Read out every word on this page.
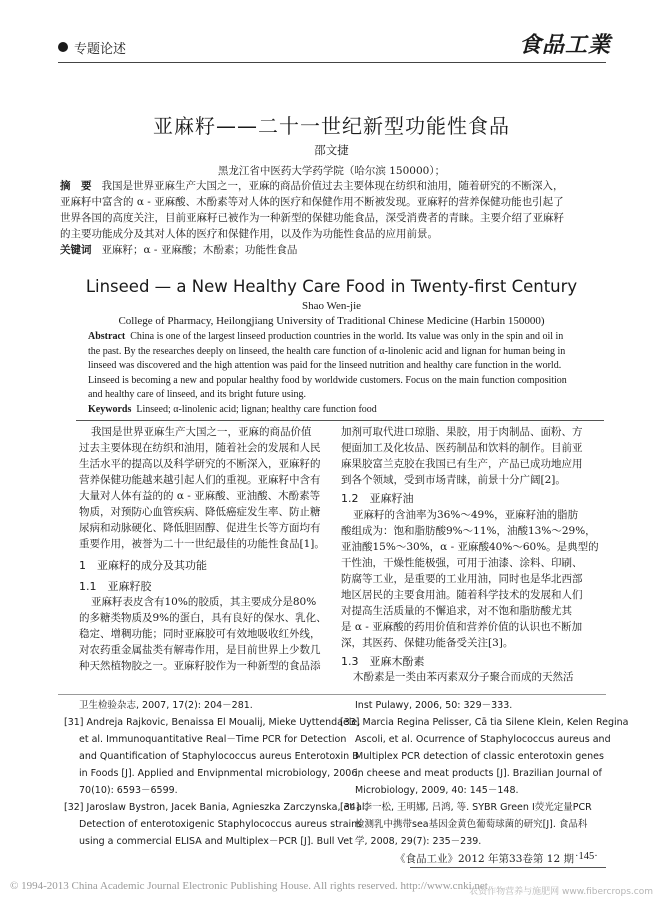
专题论述	食品工業
亚麻籽——二十一世纪新型功能性食品
邵文捷
黑龙江省中医药大学药学院（哈尔滨 150000）；
摘　要 我国是世界亚麻生产大国之一，亚麻的商品价值过去主要体现在纺织和油用，随着研究的不断深入，
亚麻籽中富含的 α - 亚麻酸、木酚素等对人体的医疗和保健作用不断被发现。亚麻籽的营养保健功能也引起了
世界各国的高度关注，目前亚麻籽已被作为一种新型的保健功能食品，深受消费者的青睐。主要介绍了亚麻籽
的主要功能成分及其对人体的医疗和保健作用，以及作为功能性食品的应用前景。
关键词 亚麻籽；α - 亚麻酸；木酚素；功能性食品
Linseed — a New Healthy Care Food in Twenty-first Century
Shao Wen-jie
College of Pharmacy, Heilongjiang University of Traditional Chinese Medicine (Harbin 150000)
Abstract China is one of the largest linseed production countries in the world. Its value was only in the spin and oil in
the past. By the researches deeply on linseed, the health care function of α-linolenic acid and lignan for human being in
linseed was discovered and the high attention was paid for the linseed nutrition and healthy care function in the world.
Linseed is becoming a new and popular healthy food by worldwide customers. Focus on the main function composition
and healthy care of linseed, and its bright future using.
Keywords Linseed; α-linolenic acid; lignan; healthy care function food
我国是世界亚麻生产大国之一，亚麻的商品价值
过去主要体现在纺织和油用，随着社会的发展和人民
生活水平的提高以及科学研究的不断深入，亚麻籽的
营养保健功能越来越引起人们的重视。亚麻籽中含有
大量对人体有益的的 α - 亚麻酸、亚油酸、木酚素等
物质，对预防心血管疾病、降低癌症发生率、防止糖
尿病和动脉硬化、降低胆固醇、促进生长等方面均有
重要作用，被誉为二十一世纪最佳的功能性食品[1]。
1　亚麻籽的成分及其功能
1.1　亚麻籽胶
亚麻籽表皮含有10%的胶质，其主要成分是80%
的多糖类物质及9%的蛋白，具有良好的保水、乳化、
稳定、增稠功能；同时亚麻胶可有效地吸收红外线，
对农药重金属盐类有解毒作用，是目前世界上少数几
种天然植物胶之一。亚麻籽胶作为一种新型的食品添
加剂可取代进口琼脂、果胶，用于肉制品、面粉、方
便面加工及化妆品、医药制品和饮料的制作。目前亚
麻果胶富兰克胶在我国已有生产，产品已成功地应用
到各个领域，受到市场青睐，前景十分广阔[2]。
1.2　亚麻籽油
亚麻籽的含油率为36%～49%，亚麻籽油的脂肪
酸组成为：饱和脂肪酸9%～11%，油酸13%～29%，
亚油酸15%～30%，α - 亚麻酸40%～60%。是典型的
干性油，干燥性能极强，可用于油漆、涂料、印刷、
防腐等工业，是重要的工业用油，同时也是华北西部
地区居民的主要食用油。随着科学技术的发展和人们
对提高生活质量的不懈追求，对不饱和脂肪酸尤其
是 α - 亚麻酸的药用价值和营养价值的认识也不断加
深，其医药、保健功能备受关注[3]。
1.3　亚麻木酚素
木酚素是一类由苯丙素双分子聚合而成的天然活
卫生检验杂志, 2007, 17(2): 204－281.
[31] Andreja Rajkovic, Benaissa El Moualij, Mieke Uyttendaele,
et al. Immunoquantitative Real－Time PCR for Detection
and Quantification of Staphylococcus aureus Enterotoxin B
in Foods [J]. Applied and Envipnmental microbiology, 2006,
70(10): 6593－6599.
[32] Jaroslaw Bystron, Jacek Bania, Agnieszka Zarczynska, et al.
Detection of enterotoxigenic Staphylococcus aureus strains
using a commercial ELISA and Multiplex－PCR [J]. Bull Vet
Inst Pulawy, 2006, 50: 329－333.
[33] Marcia Regina Pelisser, Cā tia Silene Klein, Kelen Regina
Ascoli, et al. Ocurrence of Staphylococcus aureus and
Multiplex PCR detection of classic enterotoxin genes
in cheese and meat products [J]. Brazilian Journal of
Microbiology, 2009, 40: 145－148.
[34] 李一松, 王明娜, 吕鸿, 等. SYBR Green Ⅰ荧光定量PCR
检测乳中携带sea基因金黄色葡萄球菌的研究[J]. 食品科
学, 2008, 29(7): 235－239.
《食品工业》2012 年第33卷第 12 期 ·145·
© 1994-2013 China Academic Journal Electronic Publishing House. All rights reserved. http://www.cnki.net
农资作物营养与施肥网 www.fibercrops.com
